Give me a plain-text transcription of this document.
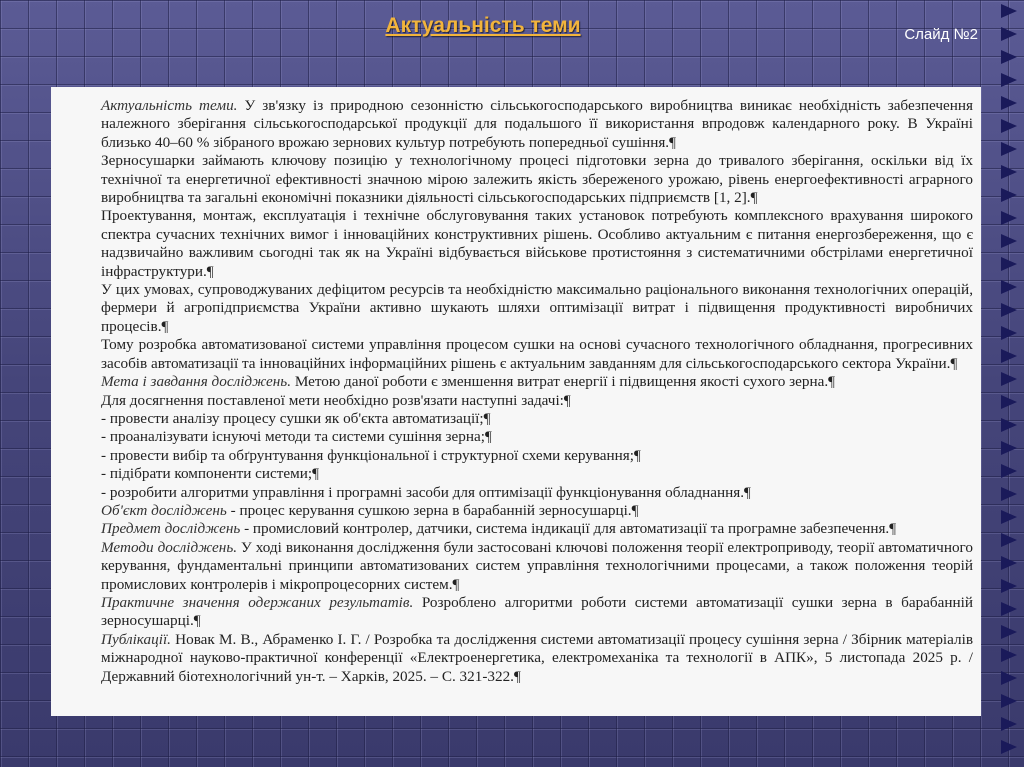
Актуальність теми	Слайд №2

Актуальність теми. У зв'язку із природною сезонністю сільськогосподарського виробництва виникає необхідність забезпечення належного зберігання сільськогосподарської продукції для подальшого її використання впродовж календарного року. В Україні близько 40–60 % зібраного врожаю зернових культур потребують попередньої сушіння.¶

Зерносушарки займають ключову позицію у технологічному процесі підготовки зерна до тривалого зберігання, оскільки від їх технічної та енергетичної ефективності значною мірою залежить якість збереженого урожаю, рівень енергоефективності аграрного виробництва та загальні економічні показники діяльності сільськогосподарських підприємств [1, 2].¶

Проектування, монтаж, експлуатація і технічне обслуговування таких установок потребують комплексного врахування широкого спектра сучасних технічних вимог і інноваційних конструктивних рішень. Особливо актуальним є питання енергозбереження, що є надзвичайно важливим сьогодні так як на Україні відбувається військове протистояння з систематичними обстрілами енергетичної інфраструктури.¶

У цих умовах, супроводжуваних дефіцитом ресурсів та необхідністю максимально раціонального виконання технологічних операцій, фермери й агропідприємства України активно шукають шляхи оптимізації витрат і підвищення продуктивності виробничих процесів.¶

Тому розробка автоматизованої системи управління процесом сушки на основі сучасного технологічного обладнання, прогресивних засобів автоматизації та інноваційних інформаційних рішень є актуальним завданням для сільськогосподарського сектора України.¶

Мета і завдання досліджень. Метою даної роботи є зменшення витрат енергії і підвищення якості сухого зерна.¶

Для досягнення поставленої мети необхідно розв'язати наступні задачі:¶

- провести аналізу процесу сушки як об'єкта автоматизації;¶

- проаналізувати існуючі методи та системи сушіння зерна;¶

- провести вибір та обґрунтування функціональної і структурної схеми керування;¶

- підібрати компоненти системи;¶

- розробити алгоритми управління і програмні засоби для оптимізації функціонування обладнання.¶

Об'єкт досліджень - процес керування сушкою зерна в барабанній зерносушарці.¶

Предмет досліджень - промисловий контролер, датчики, система індикації для автоматизації та програмне забезпечення.¶

Методи досліджень. У ході виконання дослідження були застосовані ключові положення теорії електроприводу, теорії автоматичного керування, фундаментальні принципи автоматизованих систем управління технологічними процесами, а також положення теорій промислових контролерів і мікропроцесорних систем.¶

Практичне значення одержаних результатів. Розроблено алгоритми роботи системи автоматизації сушки зерна в барабанній зерносушарці.¶

Публікації. Новак М. В., Абраменко І. Г. / Розробка та дослідження системи автоматизації процесу сушіння зерна / Збірник матеріалів міжнародної науково-практичної конференції «Електроенергетика, електромеханіка та технології в АПК», 5 листопада 2025 р. / Державний біотехнологічний ун-т. – Харків, 2025. – С. 321-322.¶
